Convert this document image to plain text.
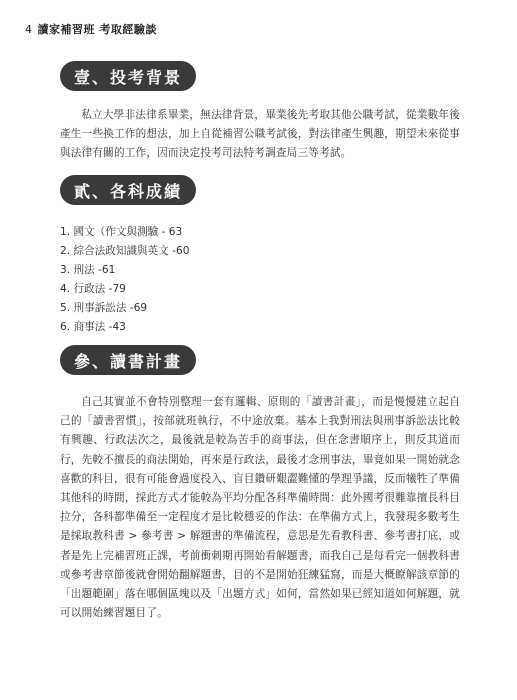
4 讀家補習班 考取經驗談
壹、投考背景
私立大學非法律系畢業，無法律背景，畢業後先考取其他公職考試，從業數年後產生一些換工作的想法，加上自從補習公職考試後，對法律產生興趣，期望未來從事與法律有關的工作，因而決定投考司法特考調查局三等考試。
貳、各科成績
1. 國文（作文與測驗 - 63
2. 綜合法政知識與英文 -60
3. 刑法 -61
4. 行政法 -79
5. 刑事訴訟法 -69
6. 商事法 -43
參、讀書計畫
自己其實並不會特別整理一套有邏輯、原則的「讀書計畫」，而是慢慢建立起自己的「讀書習慣」，按部就班執行，不中途放棄。基本上我對刑法與刑事訴訟法比較有興趣、行政法次之，最後就是較為苦手的商事法，但在念書順序上，則反其道而行，先較不擅長的商法開始，再來是行政法，最後才念刑事法，畢竟如果一開始就念喜歡的科目，很有可能會過度投入、盲目鑽研艱澀難懂的學理爭議，反而犧牲了準備其他科的時間，採此方式才能較為平均分配各科準備時間：此外國考很難靠擅長科目拉分，各科都準備至一定程度才是比較穩妥的作法：在準備方式上，我發現多數考生是採取教科書 > 參考書 > 解題書的準備流程，意思是先看教科書、參考書打底，或者是先上完補習班正課，考前衝刺期再開始看解題書，而我自己是每看完一個教科書或參考書章節後就會開始翻解題書，目的不是開始狂練猛寫，而是大概瞭解該章節的「出題範圍」落在哪個區塊以及「出題方式」如何，當然如果已經知道如何解題，就可以開始練習題目了。
